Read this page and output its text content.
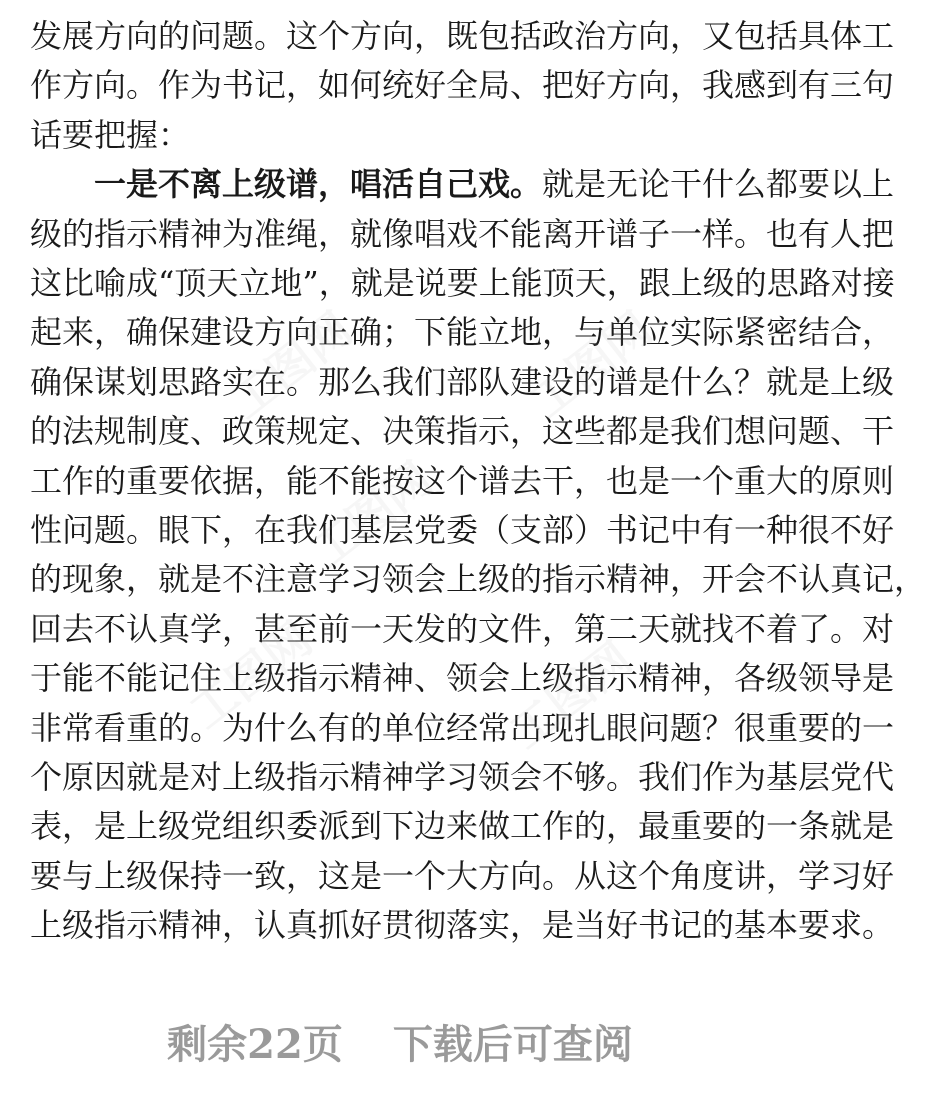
发展方向的问题。这个方向，既包括政治方向，又包括具体工
作方向。作为书记，如何统好全局、把好方向，我感到有三句
话要把握：
一是不离上级谱，唱活自己戏。就是无论干什么都要以上
级的指示精神为准绳，就像唱戏不能离开谱子一样。也有人把
这比喻成“顶天立地”，就是说要上能顶天，跟上级的思路对接
起来，确保建设方向正确；下能立地，与单位实际紧密结合，
确保谋划思路实在。那么我们部队建设的谱是什么？就是上级
的法规制度、政策规定、决策指示，这些都是我们想问题、干
工作的重要依据，能不能按这个谱去干，也是一个重大的原则
性问题。眼下，在我们基层党委（支部）书记中有一种很不好
的现象，就是不注意学习领会上级的指示精神，开会不认真记，
回去不认真学，甚至前一天发的文件，第二天就找不着了。对
于能不能记住上级指示精神、领会上级指示精神，各级领导是
非常看重的。为什么有的单位经常出现扎眼问题？很重要的一
个原因就是对上级指示精神学习领会不够。我们作为基层党代
表，是上级党组织委派到下边来做工作的，最重要的一条就是
要与上级保持一致，这是一个大方向。从这个角度讲，学习好
上级指示精神，认真抓好贯彻落实，是当好书记的基本要求。
工图网	工图网
工图网
工图网	工图网
剩余22页 下载后可查阅
